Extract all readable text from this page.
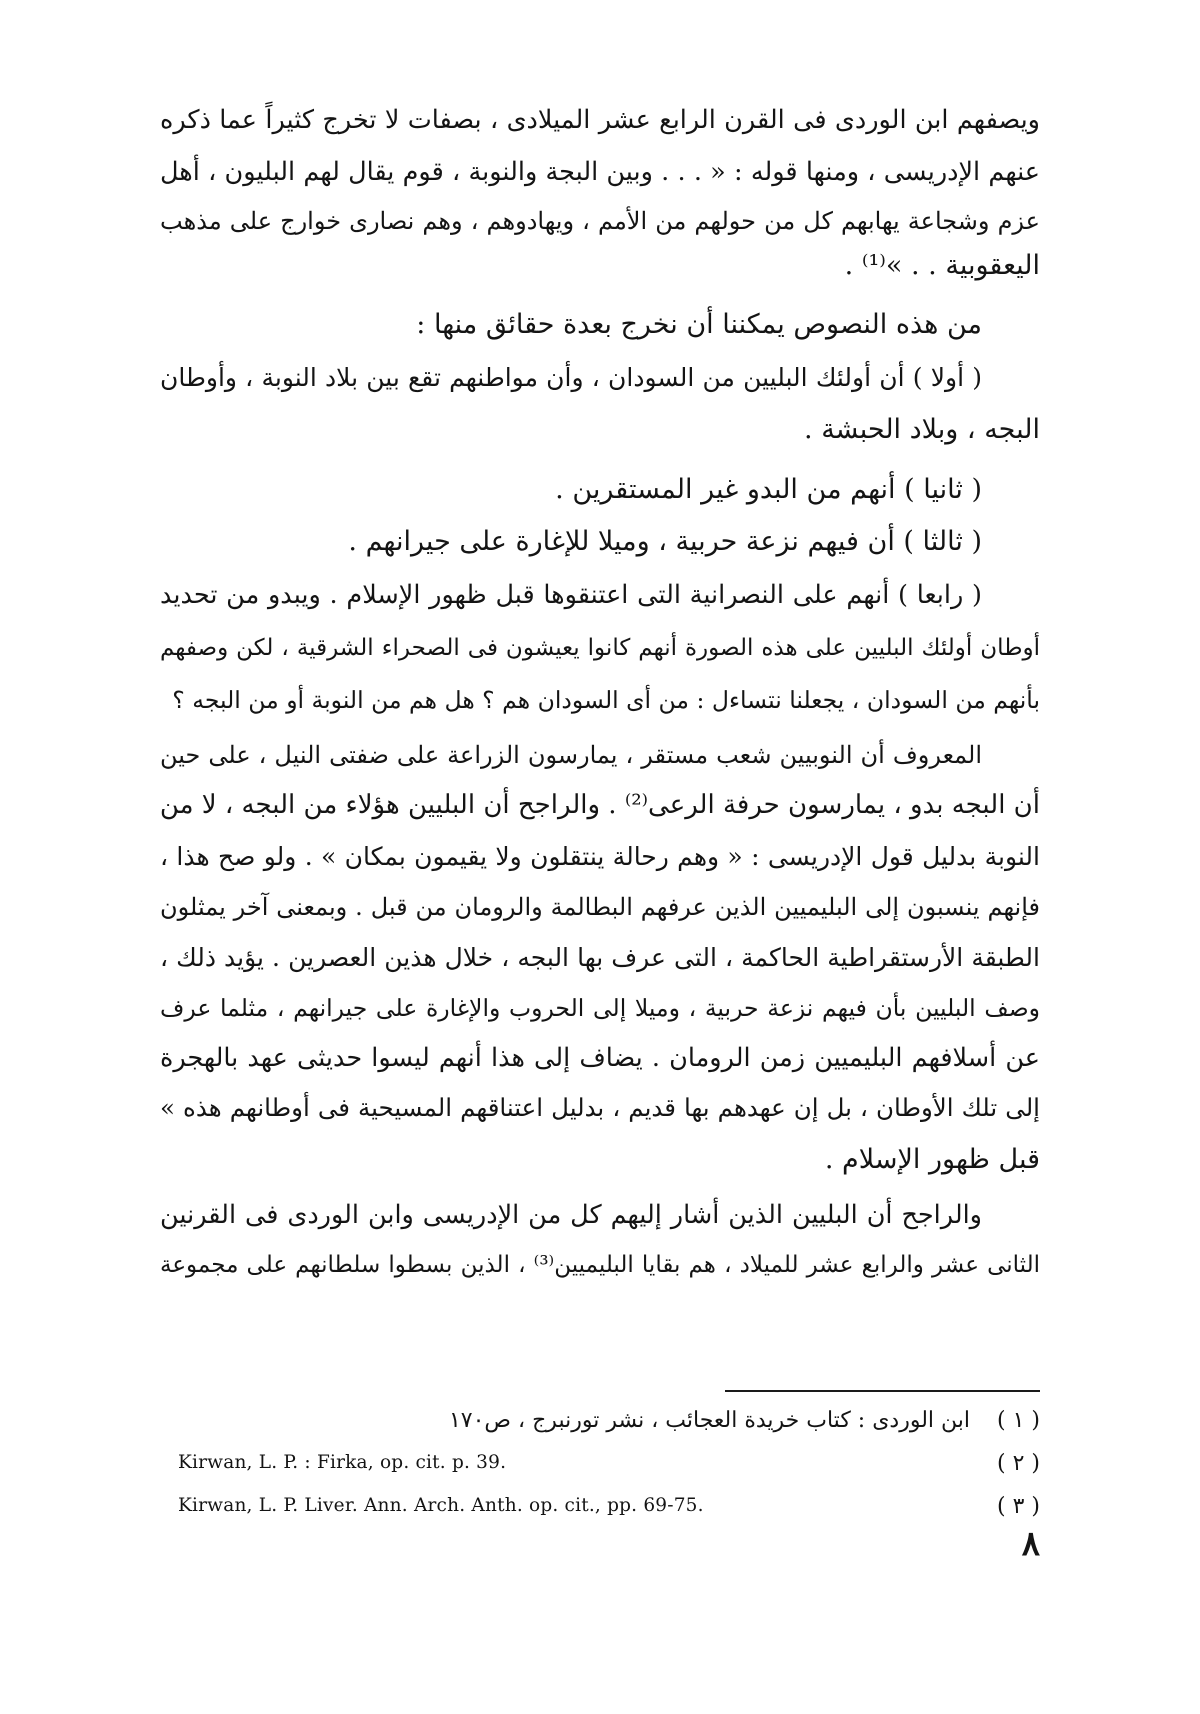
ويصفهم ابن الوردى فى القرن الرابع عشر الميلادى ، بصفات لا تخرج كثيراً عما ذكره
عنهم الإدريسى ، ومنها قوله : « . . . وبين البجة والنوبة ، قوم يقال لهم البليون ، أهل
عزم وشجاعة يهابهم كل من حولهم من الأمم ، ويهادوهم ، وهم نصارى خوارج على مذهب
اليعقوبية . . »⁽¹⁾ .
من هذه النصوص يمكننا أن نخرج بعدة حقائق منها :
( أولا ) أن أولئك البليين من السودان ، وأن مواطنهم تقع بين بلاد النوبة ، وأوطان
البجه ، وبلاد الحبشة .
( ثانيا ) أنهم من البدو غير المستقرين .
( ثالثا ) أن فيهم نزعة حربية ، وميلا للإغارة على جيرانهم .
( رابعا ) أنهم على النصرانية التى اعتنقوها قبل ظهور الإسلام . ويبدو من تحديد
أوطان أولئك البليين على هذه الصورة أنهم كانوا يعيشون فى الصحراء الشرقية ، لكن وصفهم
بأنهم من السودان ، يجعلنا نتساءل : من أى السودان هم ؟ هل هم من النوبة أو من البجه ؟
المعروف أن النوبيين شعب مستقر ، يمارسون الزراعة على ضفتى النيل ، على حين
أن البجه بدو ، يمارسون حرفة الرعى⁽²⁾ . والراجح أن البليين هؤلاء من البجه ، لا من
النوبة بدليل قول الإدريسى : « وهم رحالة ينتقلون ولا يقيمون بمكان » . ولو صح هذا ،
فإنهم ينسبون إلى البليميين الذين عرفهم البطالمة والرومان من قبل . وبمعنى آخر يمثلون
الطبقة الأرستقراطية الحاكمة ، التى عرف بها البجه ، خلال هذين العصرين . يؤيد ذلك ،
وصف البليين بأن فيهم نزعة حربية ، وميلا إلى الحروب والإغارة على جيرانهم ، مثلما عرف
عن أسلافهم البليميين زمن الرومان . يضاف إلى هذا أنهم ليسوا حديثى عهد بالهجرة
إلى تلك الأوطان ، بل إن عهدهم بها قديم ، بدليل اعتناقهم المسيحية فى أوطانهم هذه »
قبل ظهور الإسلام .
والراجح أن البليين الذين أشار إليهم كل من الإدريسى وابن الوردى فى القرنين
الثانى عشر والرابع عشر للميلاد ، هم بقايا البليميين⁽³⁾ ، الذين بسطوا سلطانهم على مجموعة
( ١ )
ابن الوردى : كتاب خريدة العجائب ، نشر تورنبرج ، ص١٧٠
( ٢ )
Kirwan, L. P. : Firka, op. cit. p. 39.
( ٣ )
Kirwan, L. P. Liver. Ann. Arch. Anth. op. cit., pp. 69-75.
٨
